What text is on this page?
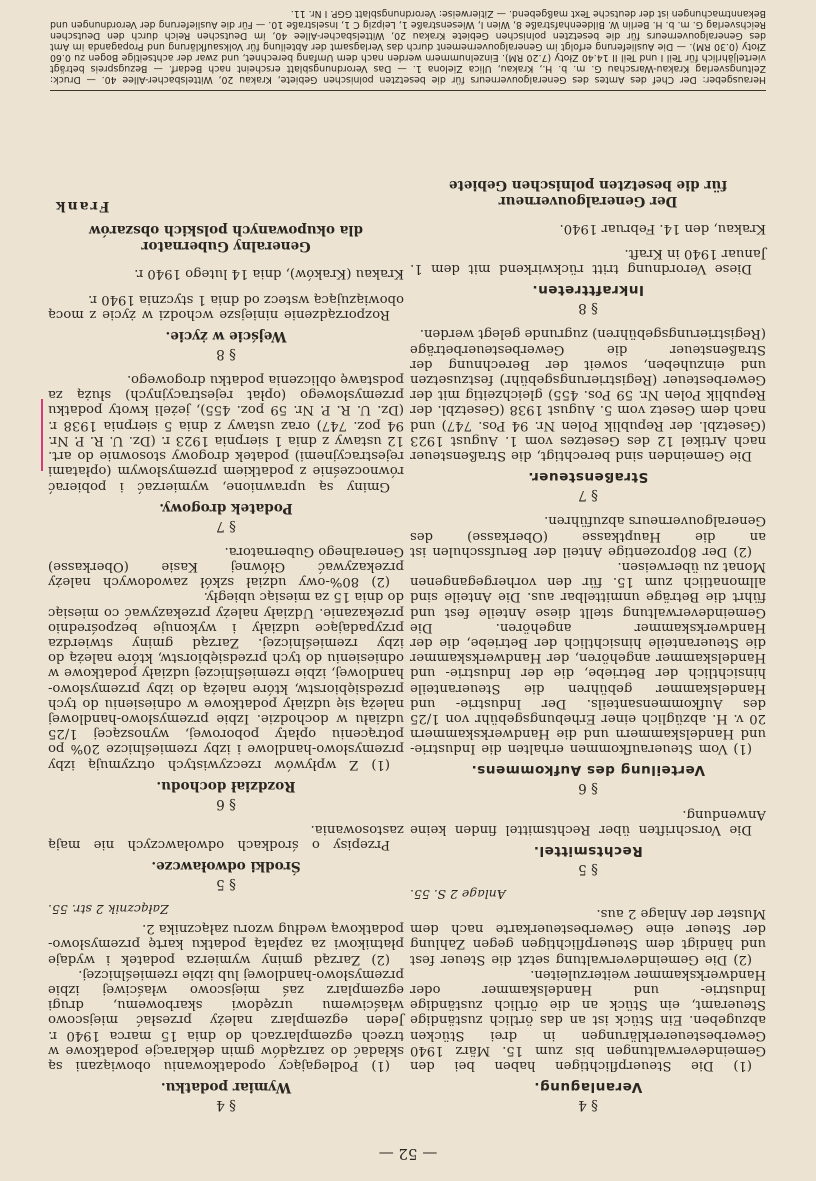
— 52 —
§ 4
Veranlagung.

(1) Die Steuerpflichtigen haben bei den Gemeindeverwaltungen bis zum 15. März 1940 Gewerbesteuererklärungen in drei Stücken abzugeben. Ein Stück ist an das örtlich zuständige Steueramt, ein Stück an die örtlich zuständige Industrie- und Handelskammer oder Handwerkskammer weiterzuleiten.

(2) Die Gemeindeverwaltung setzt die Steuer fest und händigt dem Steuerpflichtigen gegen Zahlung der Steuer eine Gewerbesteuerkarte nach dem Muster der Anlage 2 aus.

Anlage 2 S. 55.
§ 5
Rechtsmittel.

Die Vorschriften über Rechtsmittel finden keine Anwendung.

§ 6
Verteilung des Aufkommens.

(1) Vom Steueraufkommen erhalten die Industrie- und Handelskammern und die Handwerkskammern 20 v. H. abzüglich einer Erhebungsgebühr von 1/25 des Aufkommensanteils. Der Industrie- und Handelskammer gebühren die Steueranteile hinsichtlich der Betriebe, die der Industrie- und Handelskammer angehören, der Handwerkskammer die Steueranteile hinsichtlich der Betriebe, die der Handwerkskammer angehören. Die Gemeindeverwaltung stellt diese Anteile fest und führt die Beträge unmittelbar aus. Die Anteile sind allmonatlich zum 15. für den vorhergegangenen Monat zu überweisen.

(2) Der 80prozentige Anteil der Berufsschulen ist an die Hauptkasse (Oberkasse) des Generalgouverneurs abzuführen.

§ 7
Straßensteuer.

Die Gemeinden sind berechtigt, die Straßensteuer nach Artikel 12 des Gesetzes vom 1. August 1923 (Gesetzbl. der Republik Polen Nr. 94 Pos. 747) und nach dem Gesetz vom 5. August 1938 (Gesetzbl. der Republik Polen Nr. 59 Pos. 455) gleichzeitig mit der Gewerbesteuer (Registrierungsgebühr) festzusetzen und einzuheben, soweit der Berechnung der Straßensteuer die Gewerbesteuerbeträge (Registrierungsgebühren) zugrunde gelegt werden.

§ 8
Inkrafttreten.

Diese Verordnung tritt rückwirkend mit dem 1. Januar 1940 in Kraft.

Krakau, den 14. Februar 1940.
Der Generalgouverneur
für die besetzten polnischen Gebiete
§ 4
Wymiar podatku.

(1) Podlegający opodatkowaniu obowiązani są składać do zarządów gmin deklaracje podatkowe w trzech egzemplarzach do dnia 15 marca 1940 r. Jeden egzemplarz należy przesłać miejscowo właściwemu urzędowi skarbowemu, drugi egzemplarz zaś miejscowo właściwej izbie przemysłowo-handlowej lub izbie rzemieślniczej.

(2) Zarząd gminy wymierza podatek i wydaje płatnikowi za zapłatą podatku kartę przemysłowo-podatkową według wzoru załącznika 2.

Załącznik 2 str. 55.
§ 5
Środki odwoławcze.

Przepisy o środkach odwoławczych nie mają zastosowania.

§ 6
Rozdział dochodu.

(1) Z wpływów rzeczywistych otrzymują izby przemysłowo-handlowe i izby rzemieślnicze 20% po potrąceniu opłaty poborowej, wynoszącej 1/25 udziału w dochodzie. Izbie przemysłowo-handlowej należą się udziały podatkowe w odniesieniu do tych przedsiębiorstw, które należą do izby przemysłowo-handlowej, izbie rzemieślniczej udziały podatkowe w odniesieniu do tych przedsiębiorstw, które należą do izby rzemieślniczej. Zarząd gminy stwierdza przypadające udziały i wykonuje bezpośrednio przekazanie. Udziały należy przekazywać co miesiąc do dnia 15 za miesiąc ubiegły.

(2) 80%-owy udział szkół zawodowych należy przekazywać Głównej Kasie (Oberkasse) Generalnego Gubernatora.

§ 7
Podatek drogowy.

Gminy są uprawnione, wymierzać i pobierać równocześnie z podatkiem przemysłowym (opłatami rejestracyjnemi) podatek drogowy stosownie do art. 12 ustawy z dnia 1 sierpnia 1923 r. (Dz. U. R. P. Nr. 94 poz. 747) oraz ustawy z dnia 5 sierpnia 1938 r. (Dz. U. R. P. Nr. 59 poz. 455), jeżeli kwoty podatku przemysłowego (opłat rejestracyjnych) służą za podstawę obliczenia podatku drogowego.

§ 8
Wejście w życie.

Rozporządzenie niniejsze wchodzi w życie z mocą obowiązującą wstecz od dnia 1 stycznia 1940 r.

Krakau (Kraków), dnia 14 lutego 1940 r.
Generalny Gubernator
dla okupowanych polskich obszarów
Frank
Herausgeber: Der Chef des Amtes des Generalgouverneurs für die besetzten polnischen Gebiete, Krakau 20, Wittelsbacher-Allee 40. — Druck: Zeitungsverlag Krakau-Warschau G. m. b. H., Krakau, Ulica Zielona 1. — Das Verordnungsblatt erscheint nach Bedarf. — Bezugspreis beträgt vierteljährlich für Teil I und Teil II 14.40 Złoty (7.20 RM). Einzelnummern werden nach dem Umfang berechnet, und zwar der achtseitige Bogen zu 0.60 Złoty (0.30 RM). — Die Auslieferung erfolgt im Generalgouvernement durch das Verlagsamt der Abteilung für Volksaufklärung und Propaganda im Amt des Generalgouverneurs für die besetzten polnischen Gebiete Krakau 20, Wittelsbacher-Allee 40, im Deutschen Reich durch den Deutschen Reichsverlag G. m. b. H. Berlin W. Bildeenhafstraße 8, Wien I, Wiesenstraße 1, Leipzig C 1, Inselstraße 10. — Für die Auslieferung der Verordnungen und Bekanntmachungen ist der deutsche Text maßgebend. — Zitierweise: Verordnungsblatt GGP. I Nr. 11.
